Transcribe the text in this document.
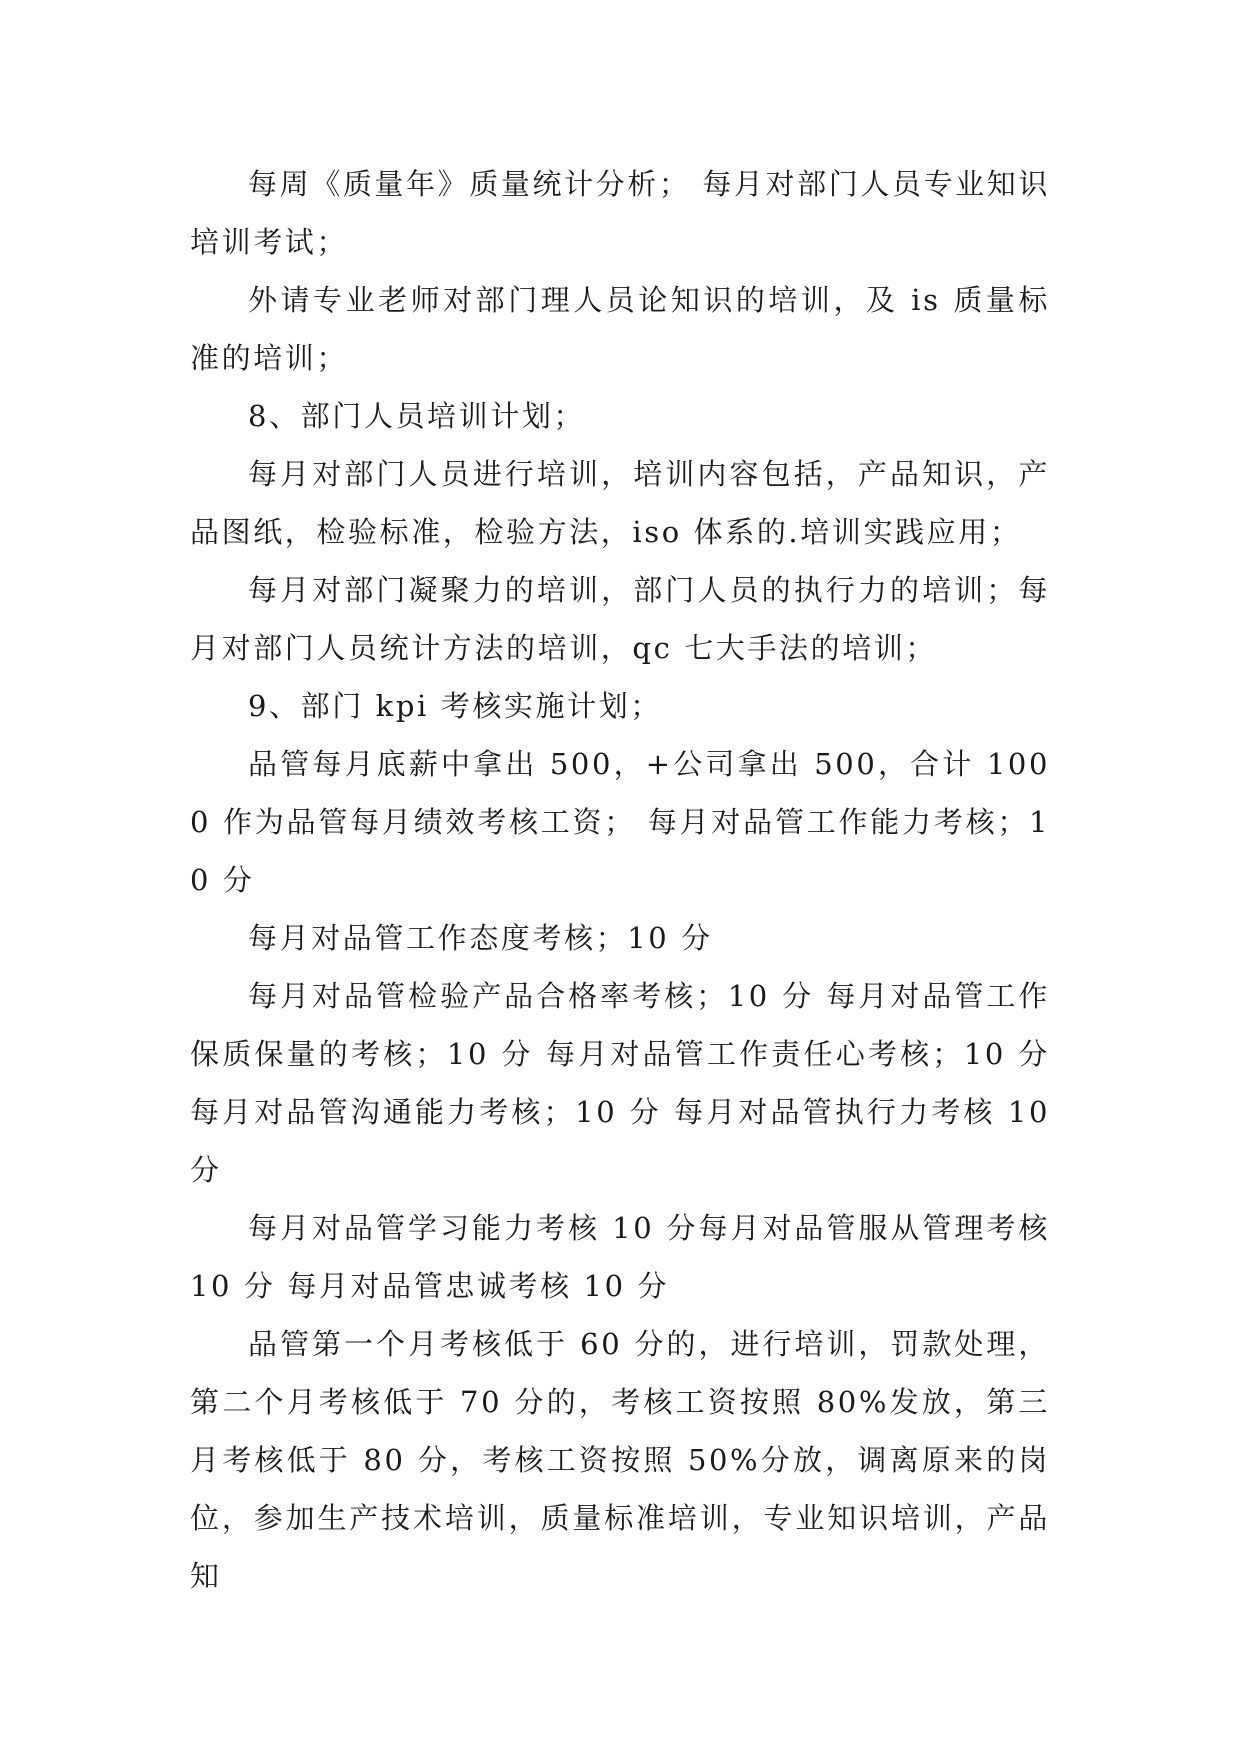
每周《质量年》质量统计分析； 每月对部门人员专业知识培训考试；

外请专业老师对部门理人员论知识的培训，及 is 质量标准的培训；

8、部门人员培训计划；

每月对部门人员进行培训，培训内容包括，产品知识，产品图纸，检验标准，检验方法，iso 体系的.培训实践应用；

每月对部门凝聚力的培训，部门人员的执行力的培训；每月对部门人员统计方法的培训，qc 七大手法的培训；

9、部门 kpi 考核实施计划；

品管每月底薪中拿出 500，+公司拿出 500，合计 1000 作为品管每月绩效考核工资； 每月对品管工作能力考核；10 分

每月对品管工作态度考核；10 分

每月对品管检验产品合格率考核；10 分 每月对品管工作保质保量的考核；10 分 每月对品管工作责任心考核；10 分 每月对品管沟通能力考核；10 分 每月对品管执行力考核 10 分

每月对品管学习能力考核 10 分每月对品管服从管理考核 10 分 每月对品管忠诚考核 10 分

品管第一个月考核低于 60 分的，进行培训，罚款处理，第二个月考核低于 70 分的，考核工资按照 80%发放，第三月考核低于 80 分，考核工资按照 50%分放，调离原来的岗位，参加生产技术培训，质量标准培训，专业知识培训，产品知
